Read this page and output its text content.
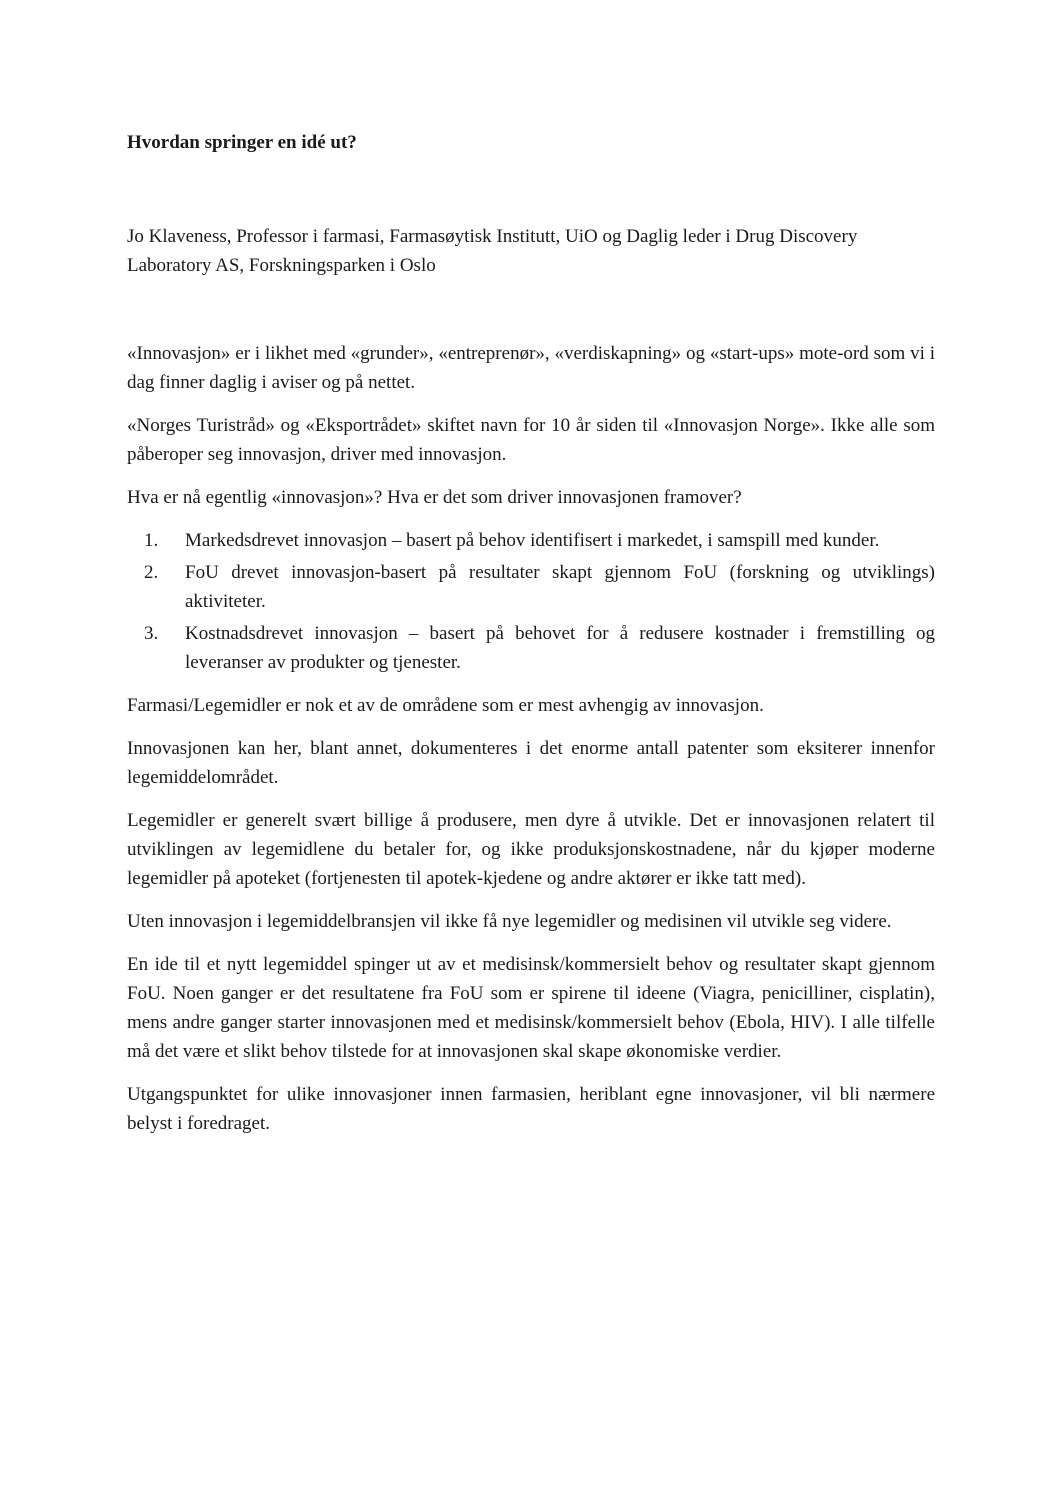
Hvordan springer en idé ut?

Jo Klaveness, Professor i farmasi, Farmasøytisk Institutt, UiO og Daglig leder i Drug Discovery Laboratory AS, Forskningsparken i Oslo

«Innovasjon» er i likhet med «grunder», «entreprenør», «verdiskapning» og «start-ups» mote-ord som vi i dag finner daglig i aviser og på nettet.

«Norges Turistråd» og «Eksportrådet» skiftet navn for 10 år siden til «Innovasjon Norge». Ikke alle som påberoper seg innovasjon, driver med innovasjon.

Hva er nå egentlig «innovasjon»? Hva er det som driver innovasjonen framover?

1.	Markedsdrevet innovasjon – basert på behov identifisert i markedet, i samspill med kunder.
2.	FoU drevet innovasjon-basert på resultater skapt gjennom FoU (forskning og utviklings) aktiviteter.
3.	Kostnadsdrevet innovasjon – basert på behovet for å redusere kostnader i fremstilling og leveranser av produkter og tjenester.

Farmasi/Legemidler er nok et av de områdene som er mest avhengig av innovasjon.

Innovasjonen kan her, blant annet, dokumenteres i det enorme antall patenter som eksiterer innenfor legemiddelområdet.

Legemidler er generelt svært billige å produsere, men dyre å utvikle. Det er innovasjonen relatert til utviklingen av legemidlene du betaler for, og ikke produksjonskostnadene, når du kjøper moderne legemidler på apoteket (fortjenesten til apotek-kjedene og andre aktører er ikke tatt med).

Uten innovasjon i legemiddelbransjen vil ikke få nye legemidler og medisinen vil utvikle seg videre.

En ide til et nytt legemiddel spinger ut av et medisinsk/kommersielt behov og resultater skapt gjennom FoU. Noen ganger er det resultatene fra FoU som er spirene til ideene (Viagra, penicilliner, cisplatin), mens andre ganger starter innovasjonen med et medisinsk/kommersielt behov (Ebola, HIV). I alle tilfelle må det være et slikt behov tilstede for at innovasjonen skal skape økonomiske verdier.

Utgangspunktet for ulike innovasjoner innen farmasien, heriblant egne innovasjoner, vil bli nærmere belyst i foredraget.
